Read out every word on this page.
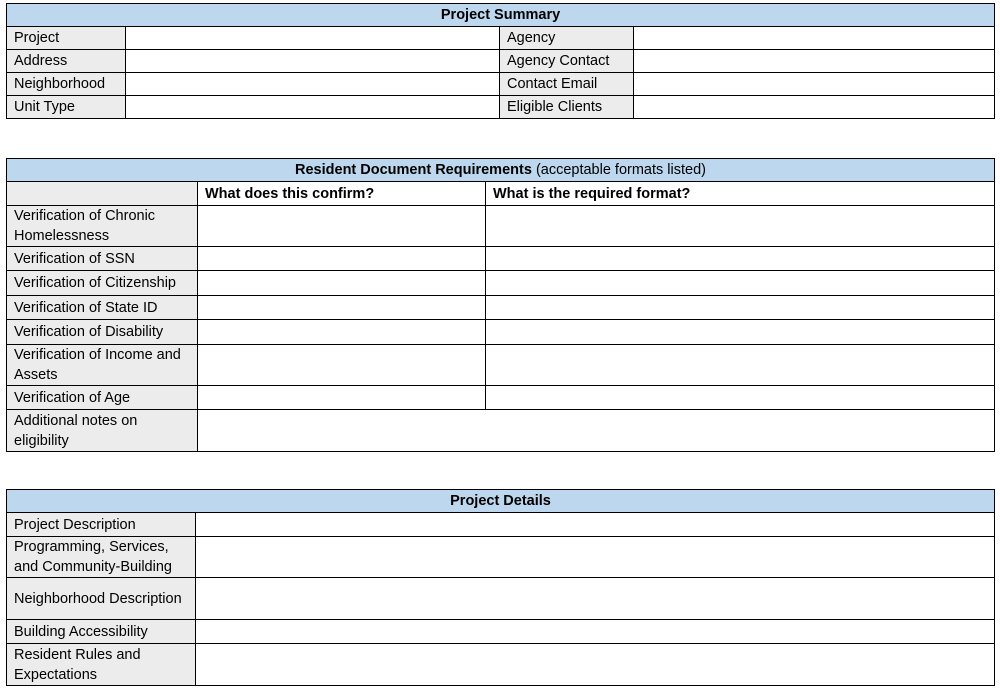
Project Summary			
Project		Agency	
Address		Agency Contact	
Neighborhood		Contact Email	
Unit Type		Eligible Clients	
Resident Document Requirements (acceptable formats listed)		
	What does this confirm?	What is the required format?
Verification of Chronic Homelessness		
Verification of SSN		
Verification of Citizenship		
Verification of State ID		
Verification of Disability		
Verification of Income and Assets		
Verification of Age		
Additional notes on eligibility		
Project Details	
Project Description	
Programming, Services, and Community-Building	
Neighborhood Description	
Building Accessibility	
Resident Rules and Expectations	
